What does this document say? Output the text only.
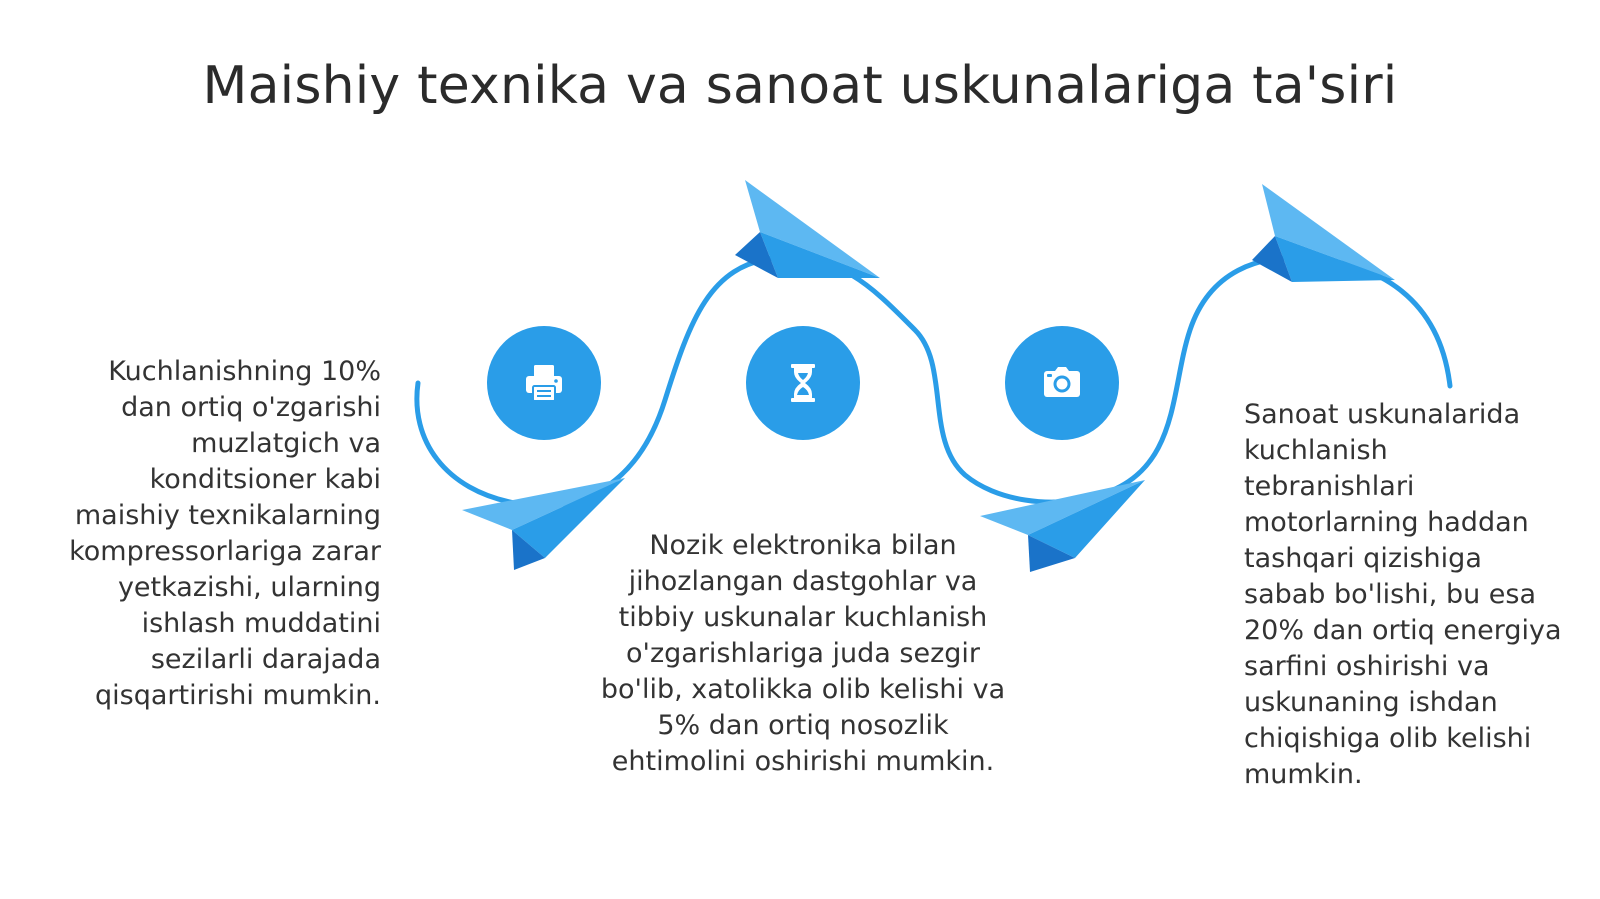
Maishiy texnika va sanoat uskunalariga ta'siri

Kuchlanishning 10% dan ortiq o'zgarishi muzlatgich va konditsioner kabi maishiy texnikalarning kompressorlariga zarar yetkazishi, ularning ishlash muddatini sezilarli darajada qisqartirishi mumkin.

Nozik elektronika bilan jihozlangan dastgohlar va tibbiy uskunalar kuchlanish o'zgarishlariga juda sezgir bo'lib, xatolikka olib kelishi va 5% dan ortiq nosozlik ehtimolini oshirishi mumkin.

Sanoat uskunalarida kuchlanish tebranishlari motorlarning haddan tashqari qizishiga sabab bo'lishi, bu esa 20% dan ortiq energiya sarfini oshirishi va uskunaning ishdan chiqishiga olib kelishi mumkin.
